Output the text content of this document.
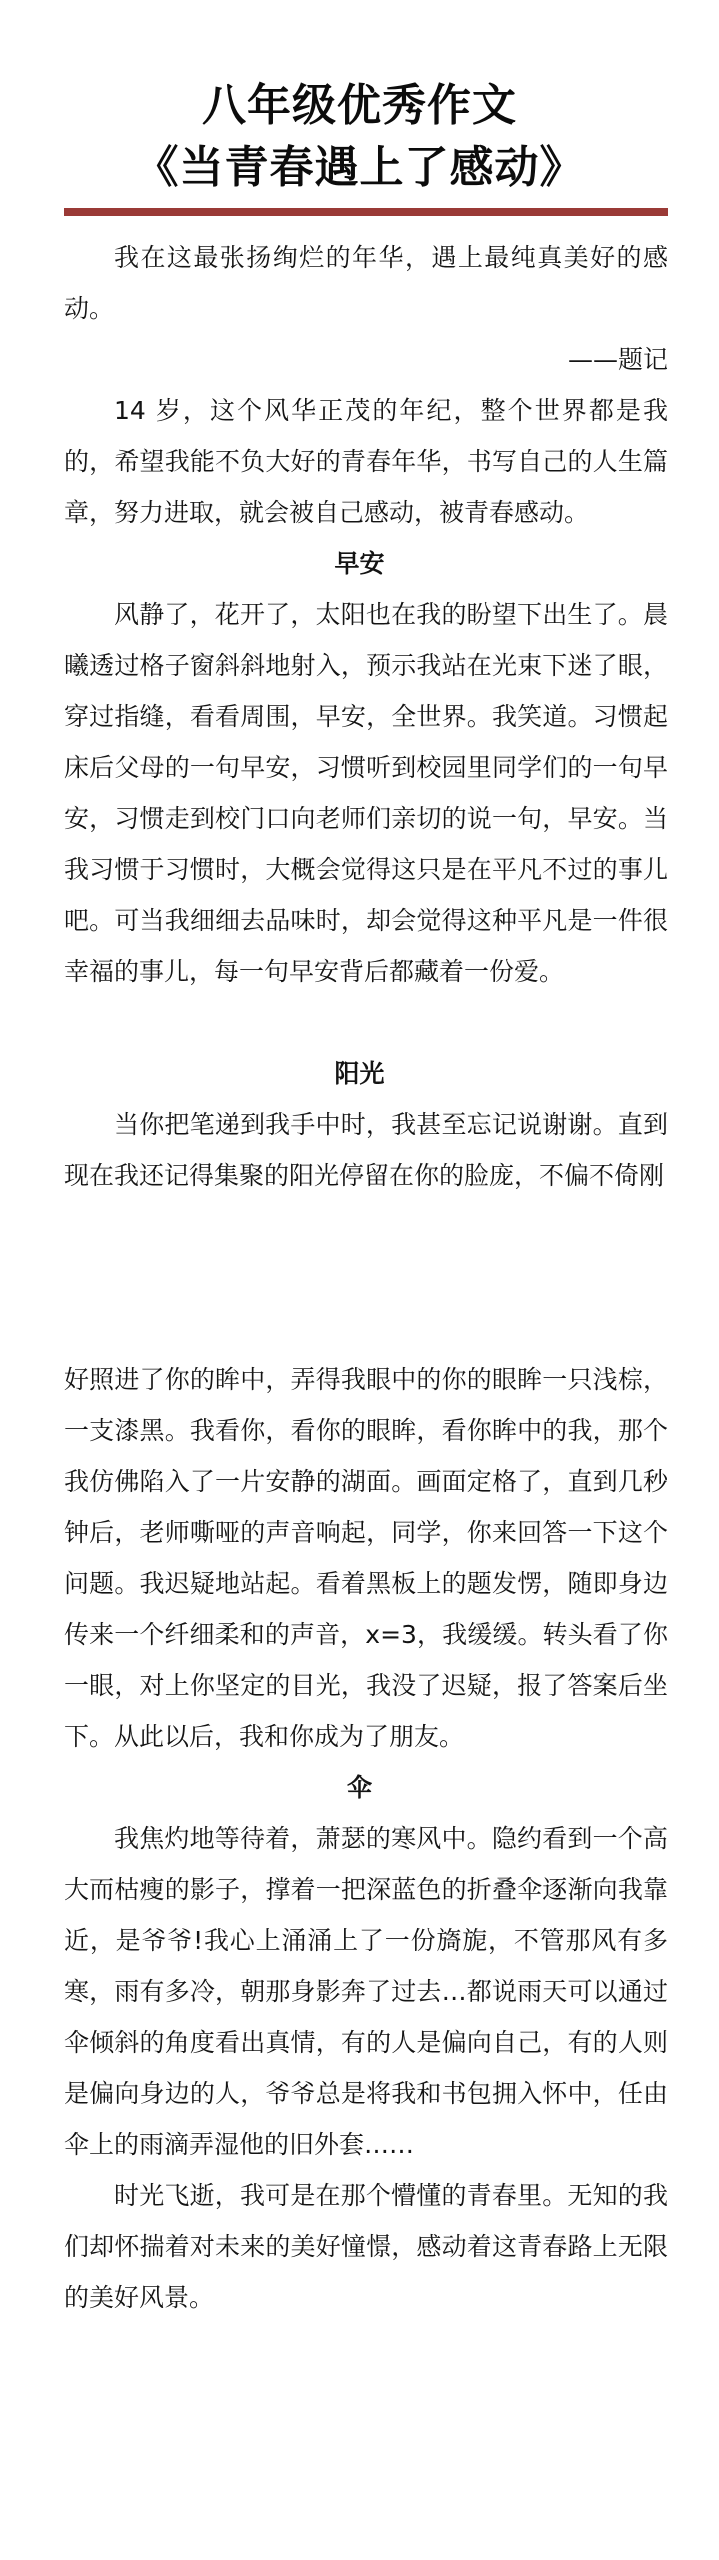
八年级优秀作文
《当青春遇上了感动》
我在这最张扬绚烂的年华，遇上最纯真美好的感动。
——题记
14 岁，这个风华正茂的年纪，整个世界都是我的，希望我能不负大好的青春年华，书写自己的人生篇章，努力进取，就会被自己感动，被青春感动。
早安
风静了，花开了，太阳也在我的盼望下出生了。晨曦透过格子窗斜斜地射入，预示我站在光束下迷了眼，穿过指缝，看看周围，早安，全世界。我笑道。习惯起床后父母的一句早安，习惯听到校园里同学们的一句早安，习惯走到校门口向老师们亲切的说一句，早安。当我习惯于习惯时，大概会觉得这只是在平凡不过的事儿吧。可当我细细去品味时，却会觉得这种平凡是一件很幸福的事儿，每一句早安背后都藏着一份爱。
阳光
当你把笔递到我手中时，我甚至忘记说谢谢。直到现在我还记得集聚的阳光停留在你的脸庞，不偏不倚刚
好照进了你的眸中，弄得我眼中的你的眼眸一只浅棕，一支漆黑。我看你，看你的眼眸，看你眸中的我，那个我仿佛陷入了一片安静的湖面。画面定格了，直到几秒钟后，老师嘶哑的声音响起，同学，你来回答一下这个问题。我迟疑地站起。看着黑板上的题发愣，随即身边传来一个纤细柔和的声音，x=3，我缓缓。转头看了你一眼，对上你坚定的目光，我没了迟疑，报了答案后坐下。从此以后，我和你成为了朋友。
伞
我焦灼地等待着，萧瑟的寒风中。隐约看到一个高大而枯瘦的影子，撑着一把深蓝色的折叠伞逐渐向我靠近，是爷爷!我心上涌涌上了一份旖旎，不管那风有多寒，雨有多冷，朝那身影奔了过去…都说雨天可以通过伞倾斜的角度看出真情，有的人是偏向自己，有的人则是偏向身边的人，爷爷总是将我和书包拥入怀中，任由伞上的雨滴弄湿他的旧外套……
时光飞逝，我可是在那个懵懂的青春里。无知的我们却怀揣着对未来的美好憧憬，感动着这青春路上无限的美好风景。
